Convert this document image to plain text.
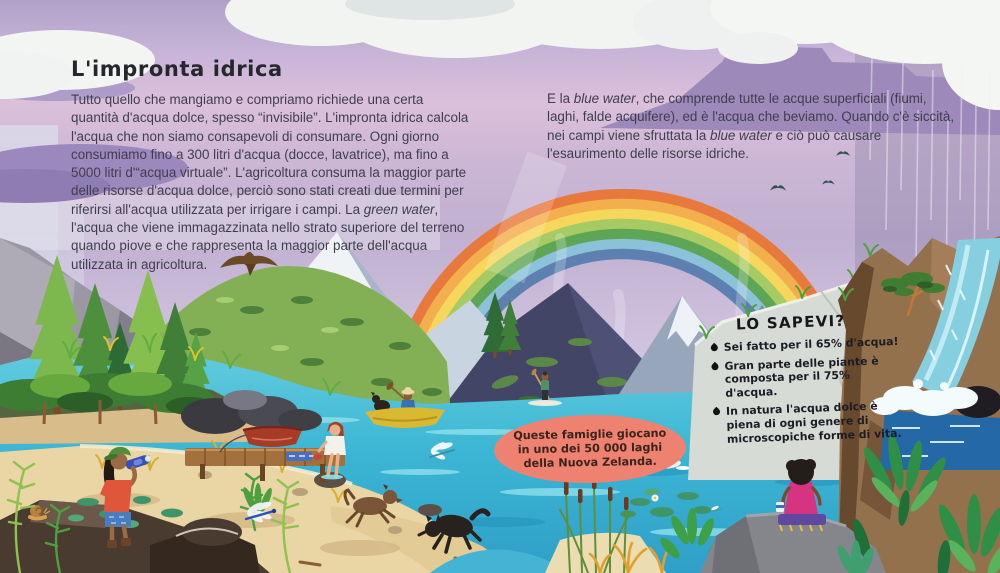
L'impronta idrica

Tutto quello che mangiamo e compriamo richiede una certa quantità d'acqua dolce, spesso “invisibile”. L'impronta idrica calcola l'acqua che non siamo consapevoli di consumare. Ogni giorno consumiamo fino a 300 litri d'acqua (docce, lavatrice), ma fino a 5000 litri d'“acqua virtuale”. L'agricoltura consuma la maggior parte delle risorse d'acqua dolce, perciò sono stati creati due termini per riferirsi all'acqua utilizzata per irrigare i campi. La green water, l'acqua che viene immagazzinata nello strato superiore del terreno quando piove e che rappresenta la maggior parte dell'acqua utilizzata in agricoltura.

E la blue water, che comprende tutte le acque superficiali (fiumi, laghi, falde acquifere), ed è l'acqua che beviamo. Quando c'è siccità, nei campi viene sfruttata la blue water e ciò può causare l'esaurimento delle risorse idriche.

LO SAPEVI?
Sei fatto per il 65% d'acqua!
Gran parte delle piante è composta per il 75% d'acqua.
In natura l'acqua dolce è piena di ogni genere di microscopiche forme di vita.
Queste famiglie giocano in uno dei 50 000 laghi della Nuova Zelanda.
